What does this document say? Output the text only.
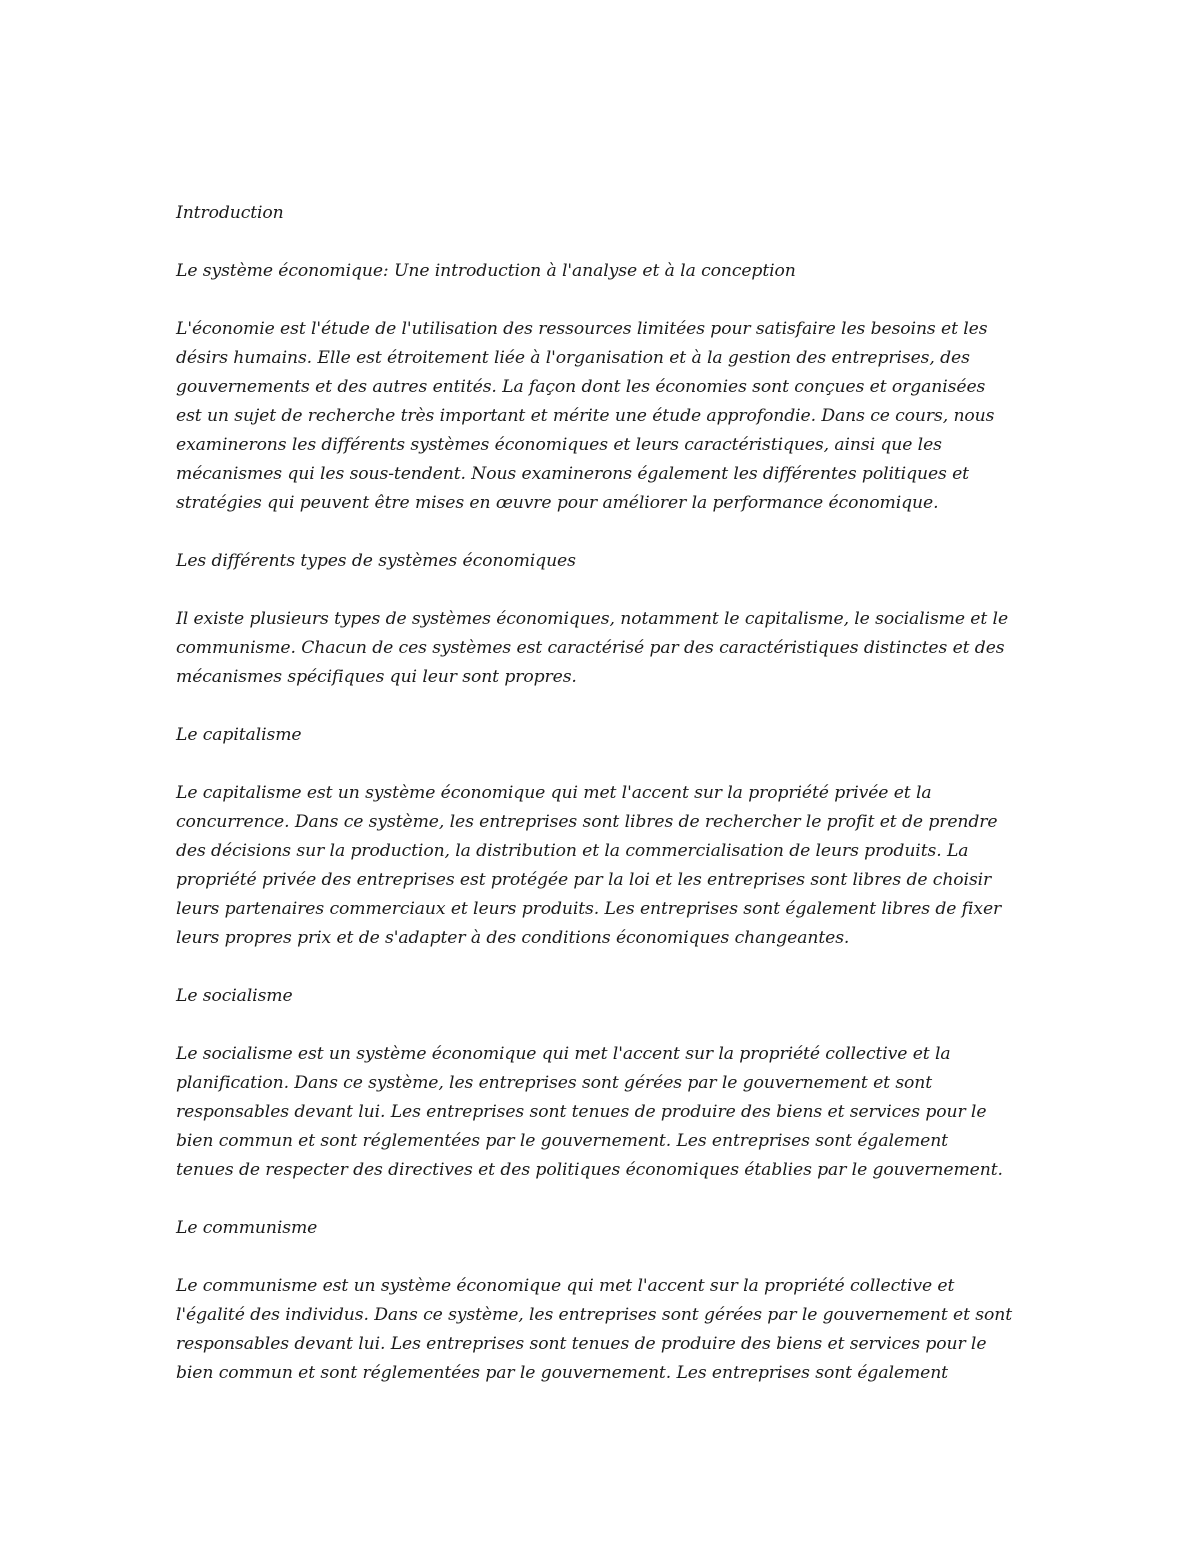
Introduction
Le système économique: Une introduction à l'analyse et à la conception
L'économie est l'étude de l'utilisation des ressources limitées pour satisfaire les besoins et les
désirs humains. Elle est étroitement liée à l'organisation et à la gestion des entreprises, des
gouvernements et des autres entités. La façon dont les économies sont conçues et organisées
est un sujet de recherche très important et mérite une étude approfondie. Dans ce cours, nous
examinerons les différents systèmes économiques et leurs caractéristiques, ainsi que les
mécanismes qui les sous-tendent. Nous examinerons également les différentes politiques et
stratégies qui peuvent être mises en œuvre pour améliorer la performance économique.
Les différents types de systèmes économiques
Il existe plusieurs types de systèmes économiques, notamment le capitalisme, le socialisme et le
communisme. Chacun de ces systèmes est caractérisé par des caractéristiques distinctes et des
mécanismes spécifiques qui leur sont propres.
Le capitalisme
Le capitalisme est un système économique qui met l'accent sur la propriété privée et la
concurrence. Dans ce système, les entreprises sont libres de rechercher le profit et de prendre
des décisions sur la production, la distribution et la commercialisation de leurs produits. La
propriété privée des entreprises est protégée par la loi et les entreprises sont libres de choisir
leurs partenaires commerciaux et leurs produits. Les entreprises sont également libres de fixer
leurs propres prix et de s'adapter à des conditions économiques changeantes.
Le socialisme
Le socialisme est un système économique qui met l'accent sur la propriété collective et la
planification. Dans ce système, les entreprises sont gérées par le gouvernement et sont
responsables devant lui. Les entreprises sont tenues de produire des biens et services pour le
bien commun et sont réglementées par le gouvernement. Les entreprises sont également
tenues de respecter des directives et des politiques économiques établies par le gouvernement.
Le communisme
Le communisme est un système économique qui met l'accent sur la propriété collective et
l'égalité des individus. Dans ce système, les entreprises sont gérées par le gouvernement et sont
responsables devant lui. Les entreprises sont tenues de produire des biens et services pour le
bien commun et sont réglementées par le gouvernement. Les entreprises sont également
